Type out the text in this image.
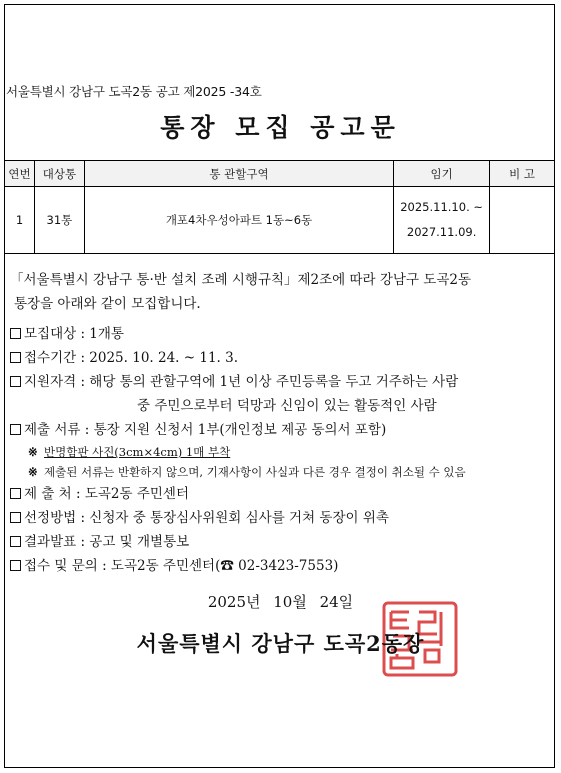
서울특별시 강남구 도곡2동 공고 제2025 -34호
통장 모집 공고문
연번	대상통	통 관할구역	임기	비 고
1	31통	개포4차우성아파트 1동~6동	2025.11.10. ~
2027.11.09.	

「서울특별시 강남구 통·반 설치 조례 시행규칙」제2조에 따라 강남구 도곡2동
통장을 아래와 같이 모집합니다.

모집대상 : 1개통
접수기간 : 2025. 10. 24. ~ 11. 3.
지원자격 : 해당 통의 관할구역에 1년 이상 주민등록을 두고 거주하는 사람
중 주민으로부터 덕망과 신임이 있는 활동적인 사람
제출 서류 : 통장 지원 신청서 1부(개인정보 제공 동의서 포함)
※ 반명함판 사진(3cm×4cm) 1매 부착
※ 제출된 서류는 반환하지 않으며, 기재사항이 사실과 다른 경우 결정이 취소될 수 있음
제 출 처 : 도곡2동 주민센터
선정방법 : 신청자 중 통장심사위원회 심사를 거쳐 동장이 위촉
결과발표 : 공고 및 개별통보
접수 및 문의 : 도곡2동 주민센터(☎ 02-3423-7553)
2025년 10월 24일
서울특별시 강남구 도곡2동장
